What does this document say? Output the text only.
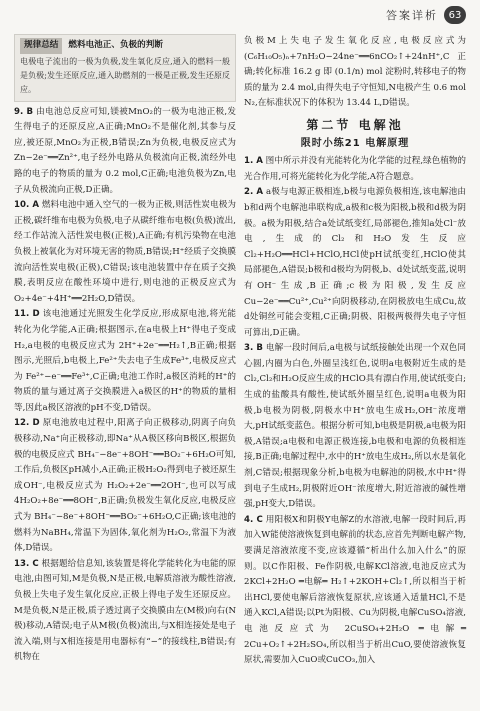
答案详析	63
规律总结	燃料电池正、负极的判断
电极电子流出的一极为负极,发生氧化反应,通入的燃料一般是负极;发生还原反应,通入助燃剂的一极是正极,发生还原反应。

9. B 由电池总反应可知,镁被MnO₂的一极为电池正极,发生得电子的还原反应,A正确;MnO₂不是催化剂,其参与反应,被还原,MnO₂为正极,B错误;Zn为负极,电极反应式为 Zn−2e⁻══Zn²⁺,电子经外电路从负极流向正极,流经外电路的电子的物质的量为 0.2 mol,C正确;电池负极为Zn,电子从负极流向正极,D正确。

10. A 燃料电池中通入空气的一极为正极,则活性炭电极为正极,碳纤维布电极为负极,电子从碳纤维布电极(负极)流出,经工作站流入活性炭电极(正极),A正确;有机污染物在电池负极上被氧化为对环境无害的物质,B错误;H⁺经质子交换膜流向活性炭电极(正极),C错误;该电池装置中存在质子交换膜,表明反应在酸性环境中进行,则电池的正极反应式为 O₂+4e⁻+4H⁺══2H₂O,D错误。

11. D 该电池通过光照发生化学反应,形成原电池,将光能转化为化学能,A正确;根据图示,在a电极上H⁺得电子变成H₂,a电极的电极反应式为 2H⁺+2e⁻══H₂↑,B正确;根据图示,光照后,b电极上,Fe²⁺失去电子生成Fe³⁺,电极反应式为 Fe²⁺−e⁻══Fe³⁺,C正确;电池工作时,a极区消耗的H⁺的物质的量与通过离子交换膜进入a极区的H⁺的物质的量相等,因此a极区溶液的pH不变,D错误。

12. D 原电池放电过程中,阳离子向正极移动,阴离子向负极移动,Na⁺向正极移动,即Na⁺从A极区移向B极区,根据负极的电极反应式 BH₄⁻−8e⁻+8OH⁻══BO₂⁻+6H₂O可知,工作后,负极区pH减小,A正确;正极H₂O₂得到电子被还原生成OH⁻,电极反应式为 H₂O₂+2e⁻══2OH⁻,也可以写成 4H₂O₂+8e⁻══8OH⁻,B正确;负极发生氧化反应,电极反应式为 BH₄⁻−8e⁻+8OH⁻══BO₂⁻+6H₂O,C正确;该电池的燃料为NaBH₄,常温下为固体,氧化剂为H₂O₂,常温下为液体,D错误。

13. C 根据题给信息知,该装置是将化学能转化为电能的原电池,由图可知,M是负极,N是正极,电解质溶液为酸性溶液,负极上失电子发生氧化反应,正极上得电子发生还原反应。M是负极,N是正极,质子透过离子交换膜由左(M极)向右(N极)移动,A错误;电子从M极(负极)流出,与X相连接处是电子流入端,则与X相连接是用电器标有“−”的接线柱,B错误;有机物在

负极M上失电子发生氧化反应,电极反应式为 (C₆H₁₀O₅)ₙ+7nH₂O−24ne⁻══6nCO₂↑+24nH⁺,C正确;转化标准 16.2 g 即 (0.1/n) mol 淀粉时,转移电子的物质的量为 2.4 mol,由得失电子守恒知,N电极产生 0.6 mol N₂,在标准状况下的体积为 13.44 L,D错误。

第二节 电解池
限时小练21 电解原理

1. A 图中所示并没有光能转化为化学能的过程,绿色植物的光合作用,可将光能转化为化学能,A符合题意。

2. A a极与电源正极相连,b极与电源负极相连,该电解池由b和d两个电解池串联构成,a极和c极为阳极,b极和d极为阴极。a极为阳极,结合a处试纸变红,局部褪色,推知a处Cl⁻放电,生成的Cl₂和H₂O发生反应 Cl₂+H₂O══HCl+HClO,HCl使pH试纸变红,HClO使其局部褪色,A错误;b极和d极均为阴极,b、d处试纸变蓝,说明有OH⁻生成,B正确;c极为阳极,发生反应 Cu−2e⁻══Cu²⁺,Cu²⁺向阴极移动,在阴极放电生成Cu,故d处铜丝可能会变粗,C正确;阴极、阳极两极得失电子守恒可算出,D正确。

3. B 电解一段时间后,a电极与试纸接触处出现一个双色同心圆,内圈为白色,外圈呈浅红色,说明a电极附近生成的是Cl₂,Cl₂和H₂O反应生成的HClO具有漂白作用,使试纸变白;生成的盐酸具有酸性,使试纸外圈呈红色,说明a电极为阳极,b电极为阴极,阴极水中H⁺放电生成H₂,OH⁻浓度增大,pH试纸变蓝色。根据分析可知,b电极是阴极,a电极为阳极,A错误;a电极和电源正极连接,b电极和电源的负极相连接,B正确;电解过程中,水中的H⁺放电生成H₂,所以水是氧化剂,C错误;根据现象分析,b电极为电解池的阴极,水中H⁺得到电子生成H₂,阴极附近OH⁻浓度增大,附近溶液的碱性增强,pH变大,D错误。

4. C 用阳极X和阴极Y电解Z的水溶液,电解一段时间后,再加入W能使溶液恢复到电解前的状态,应首先判断电解产物,要满足溶液浓度不变,应该遵循“析出什么加入什么”的原则。以C作阳极、Fe作阴极,电解KCl溶液,电池反应式为 2KCl+2H₂O ═电解═ H₂↑+2KOH+Cl₂↑,所以相当于析出HCl,要使电解后溶液恢复原状,应该通入适量HCl,不是通入KCl,A错误;以Pt为阳极、Cu为阴极,电解CuSO₄溶液,电池反应式为 2CuSO₄+2H₂O ═电解═ 2Cu+O₂↑+2H₂SO₄,所以相当于析出CuO,要使溶液恢复原状,需要加入CuO或CuCO₃,加入
